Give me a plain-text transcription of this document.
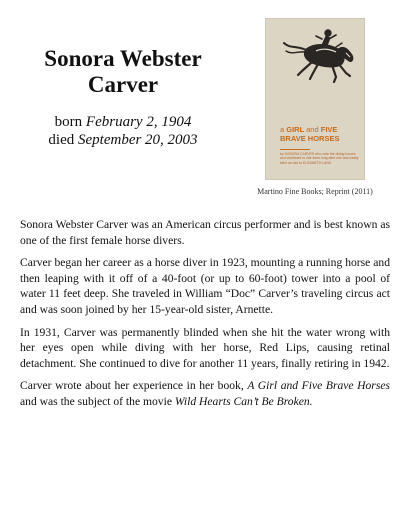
Sonora Webster Carver
born February 2, 1904
died September 20, 2003
a GIRL and FIVE
BRAVE HORSES
by SONORA CARVER who rode the diving horses and continued to ride them long after she was totally blind as told to ELIZABETH LAND
Martino Fine Books; Reprint (2011)

Sonora Webster Carver was an American circus performer and is best known as one of the first female horse divers.

Carver began her career as a horse diver in 1923, mounting a running horse and then leaping with it off of a 40-foot (or up to 60-foot) tower into a pool of water 11 feet deep. She traveled in William “Doc” Carver’s traveling circus act and was soon joined by her 15-year-old sister, Arnette.

In 1931, Carver was permanently blinded when she hit the water wrong with her eyes open while diving with her horse, Red Lips, causing retinal detachment. She continued to dive for another 11 years, finally retiring in 1942.

Carver wrote about her experience in her book, A Girl and Five Brave Horses and was the subject of the movie Wild Hearts Can’t Be Broken.
